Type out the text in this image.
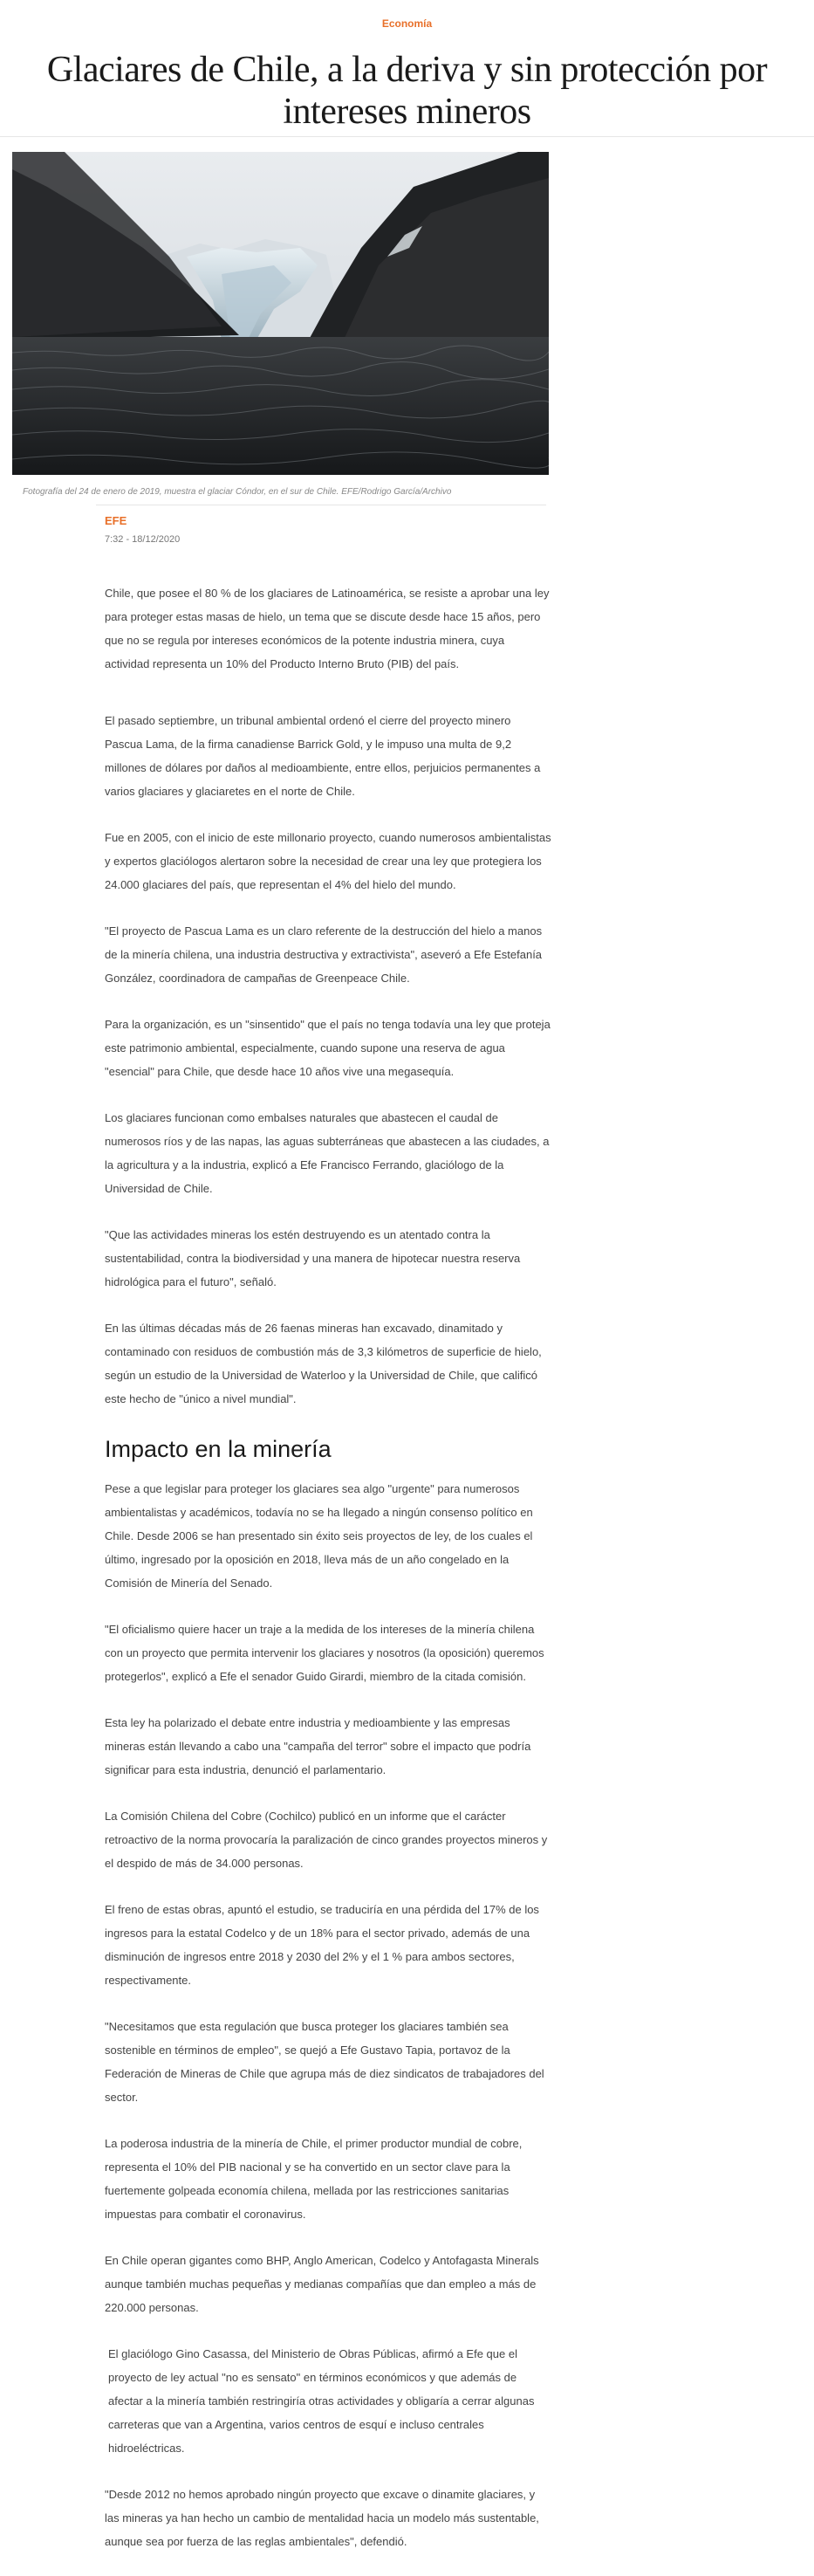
Economía
Glaciares de Chile, a la deriva y sin protección por intereses mineros
Fotografía del 24 de enero de 2019, muestra el glaciar Cóndor, en el sur de Chile. EFE/Rodrigo García/Archivo
EFE
7:32 - 18/12/2020

Chile, que posee el 80 % de los glaciares de Latinoamérica, se resiste a aprobar una ley para proteger estas masas de hielo, un tema que se discute desde hace 15 años, pero que no se regula por intereses económicos de la potente industria minera, cuya actividad representa un 10% del Producto Interno Bruto (PIB) del país.

El pasado septiembre, un tribunal ambiental ordenó el cierre del proyecto minero Pascua Lama, de la firma canadiense Barrick Gold, y le impuso una multa de 9,2 millones de dólares por daños al medioambiente, entre ellos, perjuicios permanentes a varios glaciares y glaciaretes en el norte de Chile.

Fue en 2005, con el inicio de este millonario proyecto, cuando numerosos ambientalistas y expertos glaciólogos alertaron sobre la necesidad de crear una ley que protegiera los 24.000 glaciares del país, que representan el 4% del hielo del mundo.

"El proyecto de Pascua Lama es un claro referente de la destrucción del hielo a manos de la minería chilena, una industria destructiva y extractivista", aseveró a Efe Estefanía González, coordinadora de campañas de Greenpeace Chile.

Para la organización, es un "sinsentido" que el país no tenga todavía una ley que proteja este patrimonio ambiental, especialmente, cuando supone una reserva de agua "esencial" para Chile, que desde hace 10 años vive una megasequía.

Los glaciares funcionan como embalses naturales que abastecen el caudal de numerosos ríos y de las napas, las aguas subterráneas que abastecen a las ciudades, a la agricultura y a la industria, explicó a Efe Francisco Ferrando, glaciólogo de la Universidad de Chile.

"Que las actividades mineras los estén destruyendo es un atentado contra la sustentabilidad, contra la biodiversidad y una manera de hipotecar nuestra reserva hidrológica para el futuro", señaló.

En las últimas décadas más de 26 faenas mineras han excavado, dinamitado y contaminado con residuos de combustión más de 3,3 kilómetros de superficie de hielo, según un estudio de la Universidad de Waterloo y la Universidad de Chile, que calificó este hecho de "único a nivel mundial".

Impacto en la minería

Pese a que legislar para proteger los glaciares sea algo "urgente" para numerosos ambientalistas y académicos, todavía no se ha llegado a ningún consenso político en Chile. Desde 2006 se han presentado sin éxito seis proyectos de ley, de los cuales el último, ingresado por la oposición en 2018, lleva más de un año congelado en la Comisión de Minería del Senado.

"El oficialismo quiere hacer un traje a la medida de los intereses de la minería chilena con un proyecto que permita intervenir los glaciares y nosotros (la oposición) queremos protegerlos", explicó a Efe el senador Guido Girardi, miembro de la citada comisión.

Esta ley ha polarizado el debate entre industria y medioambiente y las empresas mineras están llevando a cabo una "campaña del terror" sobre el impacto que podría significar para esta industria, denunció el parlamentario.

La Comisión Chilena del Cobre (Cochilco) publicó en un informe que el carácter retroactivo de la norma provocaría la paralización de cinco grandes proyectos mineros y el despido de más de 34.000 personas.

El freno de estas obras, apuntó el estudio, se traduciría en una pérdida del 17% de los ingresos para la estatal Codelco y de un 18% para el sector privado, además de una disminución de ingresos entre 2018 y 2030 del 2% y el 1 % para ambos sectores, respectivamente.

"Necesitamos que esta regulación que busca proteger los glaciares también sea sostenible en términos de empleo", se quejó a Efe Gustavo Tapia, portavoz de la Federación de Mineras de Chile que agrupa más de diez sindicatos de trabajadores del sector.

La poderosa industria de la minería de Chile, el primer productor mundial de cobre, representa el 10% del PIB nacional y se ha convertido en un sector clave para la fuertemente golpeada economía chilena, mellada por las restricciones sanitarias impuestas para combatir el coronavirus.

En Chile operan gigantes como BHP, Anglo American, Codelco y Antofagasta Minerals aunque también muchas pequeñas y medianas compañías que dan empleo a más de 220.000 personas.

El glaciólogo Gino Casassa, del Ministerio de Obras Públicas, afirmó a Efe que el proyecto de ley actual "no es sensato" en términos económicos y que además de afectar a la minería también restringiría otras actividades y obligaría a cerrar algunas carreteras que van a Argentina, varios centros de esquí e incluso centrales hidroeléctricas.

"Desde 2012 no hemos aprobado ningún proyecto que excave o dinamite glaciares, y las mineras ya han hecho un cambio de mentalidad hacia un modelo más sustentable, aunque sea por fuerza de las reglas ambientales", defendió.
